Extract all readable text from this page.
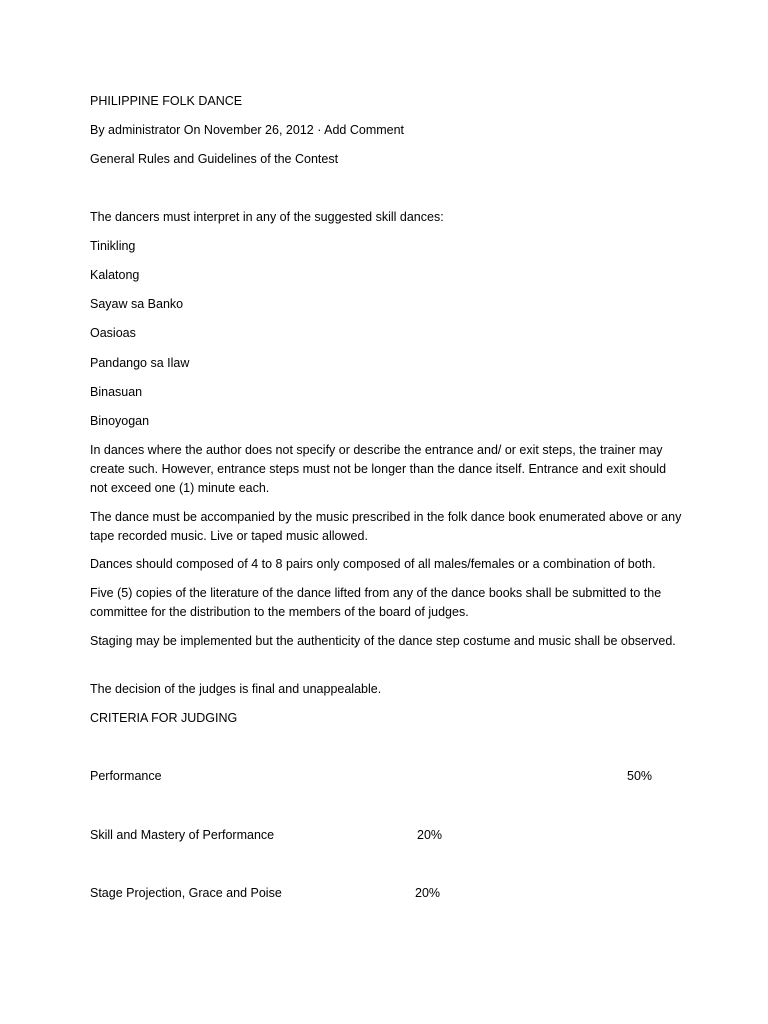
PHILIPPINE FOLK DANCE

By administrator On November 26, 2012 · Add Comment

General Rules and Guidelines of the Contest

The dancers must interpret in any of the suggested skill dances:

Tinikling

Kalatong

Sayaw sa Banko

Oasioas

Pandango sa Ilaw

Binasuan

Binoyogan

In dances where the author does not specify or describe the entrance and/ or exit steps, the trainer may create such. However, entrance steps must not be longer than the dance itself. Entrance and exit should not exceed one (1) minute each.

The dance must be accompanied by the music prescribed in the folk dance book enumerated above or any tape recorded music. Live or taped music allowed.

Dances should composed of 4 to 8 pairs only composed of all males/females or a combination of both.

Five (5) copies of the literature of the dance lifted from any of the dance books shall be submitted to the committee for the distribution to the members of the board of judges.

Staging may be implemented but the authenticity of the dance step costume and music shall be observed.

The decision of the judges is final and unappealable.

CRITERIA FOR JUDGING

Performance	50%
Skill and Mastery of Performance	20%
Stage Projection, Grace and Poise	20%
